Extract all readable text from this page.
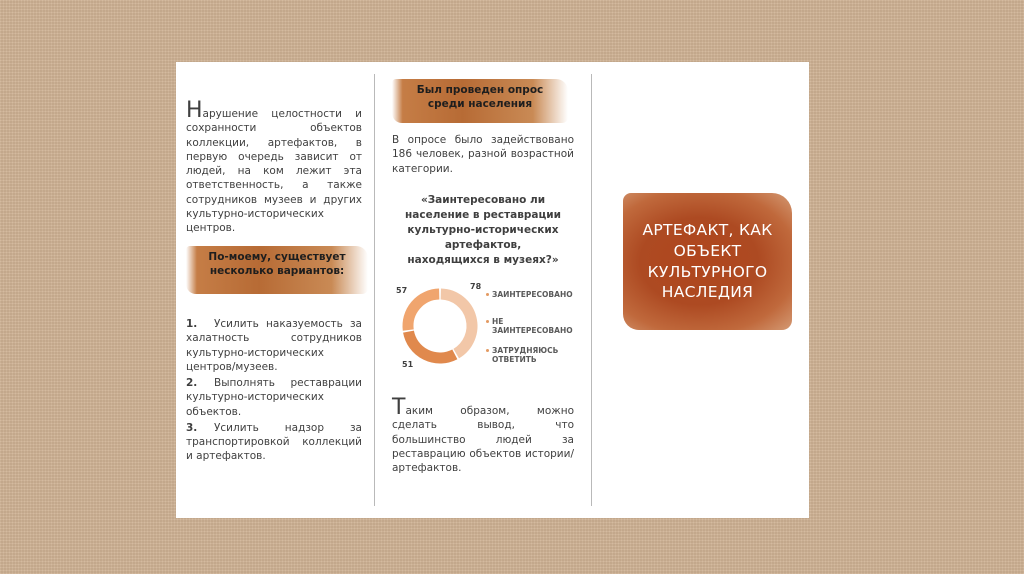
Нарушение целостности и сохранности объектов коллекции, артефактов, в первую очередь зависит от людей, на ком лежит эта ответственность, а также сотрудников музеев и других культурно-исторических центров.
По-моему, существует
несколько вариантов:
1. Усилить наказуемость за халатность сотрудников культурно-исторических центров/музеев.
2. Выполнять реставрации культурно-исторических объектов.
3. Усилить надзор за транспортировкой коллекций и артефактов.
Был проведен опрос
среди населения
В опросе было задействовано 186 человек, разной возрастной категории.
«Заинтересовано ли
население в реставрации
культурно-исторических
артефактов,
находящихся в музеях?»
78
57
51
ЗАИНТЕРЕСОВАНО
НЕ
ЗАИНТЕРЕСОВАНО
ЗАТРУДНЯЮСЬ
ОТВЕТИТЬ
Таким образом, можно сделать вывод, что большинство людей за реставрацию объектов истории/ артефактов.
АРТЕФАКТ, КАК
ОБЪЕКТ
КУЛЬТУРНОГО
НАСЛЕДИЯ
